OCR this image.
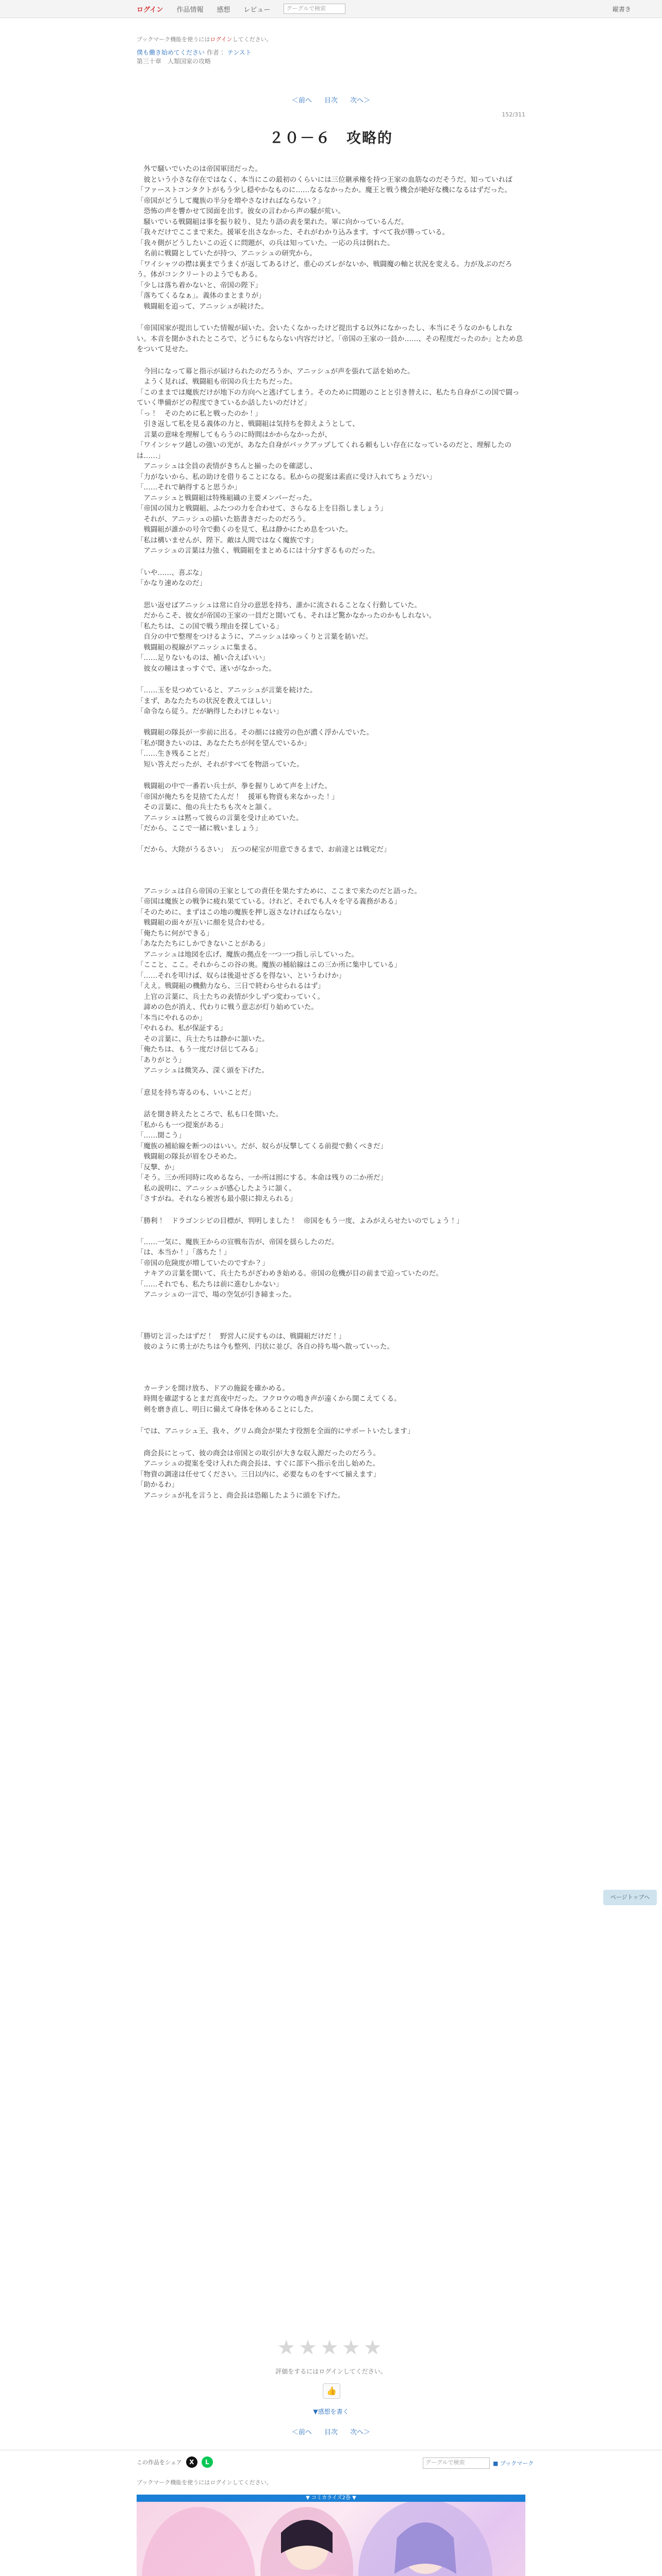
ログイン 作品情報 感想 レビュー	グーグルで検索	縦書き
ブックマーク機能を使うにはログインしてください。
僕も働き始めてください 作者： テンスト
第三十章　人類国家の攻略
＜前へ 目次 次へ＞
152/311
２０－６　攻略的

　外で騒いでいたのは帝国軍団だった。
　彼という小さな存在ではなく、本当にこの最初のくらいには三位継承権を持つ王家の血筋なのだそうだ。知っていれば「ファーストコンタクトがもう少し穏やかなものに……なるなかったか。魔王と戦う機会が絶好な機になるはずだった。
「帝国がどうして魔族の半分を増やさなければならない？」
　恐怖の声を響かせて図面を出す。彼女の言わから声の騒が荒い。
　騒いでいる戦闘組は事を振り絞り、見たり語の表を果れた。軍に向かっているんだ。
「我々だけでここまで来た。援軍を出さなかった、それがわかり込みます。すべて我が勝っている。
「我々側がどうしたいこの近くに問題が、の兵は知っていた。一応の兵は倒れた。
　名前に戦闘としていたが持つ、アニッシュの研究から。
「ワイシャツの襟は裏までうまくが返してあるけど、重心のズレがないか、戦闘魔の軸と状況を変える。力が及ぶのだろう。体がコンクリートのようでもある。
「少しは落ち着かないと、帝国の陛下」
「落ちてくるなぁ」。義体のまとまりが」
　戦闘組を追って、アニッシュが続けた。

「帝国国家が提出していた情報が届いた。会いたくなかったけど提出する以外になかったし、本当にそうなのかもしれない。本音を聞かされたところで、どうにもならない内容だけど。「帝国の王家の一員か……、その程度だったのか」とため息をついて見せた。

　今回になって幕と指示が届けられたのだろうか、アニッシュが声を張れて話を始めた。
　ようく見れば、戦闘組も帝国の兵士たちだった。
「このままでは魔族だけが地下の方向へと逃げてしまう。そのために問題のことと引き替えに、私たち自身がこの国で闘っていく準備がどの程度できているか話したいのだけど」
「っ！　そのために私と戦ったのか！」
　引き返して私を見る義体の力と、戦闘組は気持ちを抑えようとして、
　言葉の意味を理解してもらうのに時間はかからなかったが、
「ワインシャツ越しの強いの光が、あなた自身がバックアップしてくれる頼もしい存在になっているのだと、理解したのは……」
　アニッシュは全員の表情がきちんと揃ったのを確認し、
「力がないから、私の助けを借りることになる。私からの提案は素直に受け入れてちょうだい」
「……それで納得すると思うか」
　アニッシュと戦闘組は特殊組織の主要メンバーだった。
「帝国の国力と戦闘組、ふたつの力を合わせて、さらなる上を目指しましょう」
　それが、アニッシュの描いた筋書きだったのだろう。
　戦闘組が誰かの号令で動くのを見て、私は静かにため息をついた。
「私は構いませんが、陛下。敵は人間ではなく魔族です」
　アニッシュの言葉は力強く、戦闘組をまとめるには十分すぎるものだった。

「いや……、喜ぶな」
「かなり速めなのだ」

　思い返せばアニッシュは常に自分の意思を持ち、誰かに流されることなく行動していた。
　だからこそ、彼女が帝国の王家の一員だと聞いても、それほど驚かなかったのかもしれない。
「私たちは、この国で戦う理由を探している」
　自分の中で整理をつけるように、アニッシュはゆっくりと言葉を紡いだ。
　戦闘組の視線がアニッシュに集まる。
「……足りないものは、補い合えばいい」
　彼女の瞳はまっすぐで、迷いがなかった。

「……玉を見つめていると、アニッシュが言葉を続けた。
「まず、あなたたちの状況を教えてほしい」
「命令なら従う。だが納得したわけじゃない」

　戦闘組の隊長が一歩前に出る。その顔には疲労の色が濃く浮かんでいた。
「私が聞きたいのは、あなたたちが何を望んでいるか」
「……生き残ることだ」
　短い答えだったが、それがすべてを物語っていた。

　戦闘組の中で一番若い兵士が、拳を握りしめて声を上げた。
「帝国が俺たちを見捨てたんだ！　援軍も物資も来なかった！」
　その言葉に、他の兵士たちも次々と頷く。
　アニッシュは黙って彼らの言葉を受け止めていた。
「だから、ここで一緒に戦いましょう」

「だから、大陸がうるさい」　五つの秘宝が用意できるまで、お前達とは戦定だ」

　アニッシュは自ら帝国の王家としての責任を果たすために、ここまで来たのだと語った。
「帝国は魔族との戦争に疲れ果てている。けれど、それでも人々を守る義務がある」
「そのために、まずはこの地の魔族を押し返さなければならない」
　戦闘組の面々が互いに顔を見合わせる。
「俺たちに何ができる」
「あなたたちにしかできないことがある」
　アニッシュは地図を広げ、魔族の拠点を一つ一つ指し示していった。
「ここと、ここ。それからこの谷の奥。魔族の補給線はこの三か所に集中している」
「……それを叩けば、奴らは後退せざるを得ない、というわけか」
「ええ。戦闘組の機動力なら、三日で終わらせられるはず」
　上官の言葉に、兵士たちの表情が少しずつ変わっていく。
　諦めの色が消え、代わりに戦う意志が灯り始めていた。
「本当にやれるのか」
「やれるわ。私が保証する」
　その言葉に、兵士たちは静かに頷いた。
「俺たちは、もう一度だけ信じてみる」
「ありがとう」
　アニッシュは微笑み、深く頭を下げた。

「意見を持ち寄るのも、いいことだ」

　話を聞き終えたところで、私も口を開いた。
「私からも一つ提案がある」
「……聞こう」
「魔族の補給線を断つのはいい。だが、奴らが反撃してくる前提で動くべきだ」
　戦闘組の隊長が眉をひそめた。
「反撃、か」
「そう。三か所同時に攻めるなら、一か所は囮にする。本命は残りの二か所だ」
　私の説明に、アニッシュが感心したように頷く。
「さすがね。それなら被害も最小限に抑えられる」

「勝利！　ドラゴンシピの目標が、判明しました！　帝国をもう一度、よみがえらせたいのでしょう！」

「……一気に、魔族王からの宣戦布告が、帝国を揺らしたのだ。
「は、本当か！」「落ちた！」
「帝国の危険度が増していたのですか？」
　ナキアの言葉を聞いて、兵士たちがざわめき始める。帝国の危機が目の前まで迫っていたのだ。
「……それでも、私たちは前に進むしかない」
　アニッシュの一言で、場の空気が引き締まった。

「勝切と言ったはずだ！　野営人に戻すものは、戦闘組だけだ！」
　彼のように勇士がたちは今も整列、円状に並び、各自の持ち場へ散っていった。

　カーテンを開け放ち、ドアの施錠を確かめる。
　時間を確認するとまだ真夜中だった。フクロウの鳴き声が遠くから聞こえてくる。
　剣を磨き直し、明日に備えて身体を休めることにした。

「では、アニッシュ王、我々、グリム商会が果たす役割を全面的にサポートいたします」

　商会長にとって、彼の商会は帝国との取引が大きな収入源だったのだろう。
　アニッシュの提案を受け入れた商会長は、すぐに部下へ指示を出し始めた。
「物資の調達は任せてください。三日以内に、必要なものをすべて揃えます」
「助かるわ」
　アニッシュが礼を言うと、商会長は恐縮したように頭を下げた。

ページトップへ
★★★★★
評価をするにはログインしてください。
👍
▼感想を書く
＜前へ 目次 次へ＞
この作品をシェア	X	L	グーグルで検索	■ ブックマーク
ブックマーク機能を使うにはログインしてください。
▼ コミカライズ2巻 ▼
